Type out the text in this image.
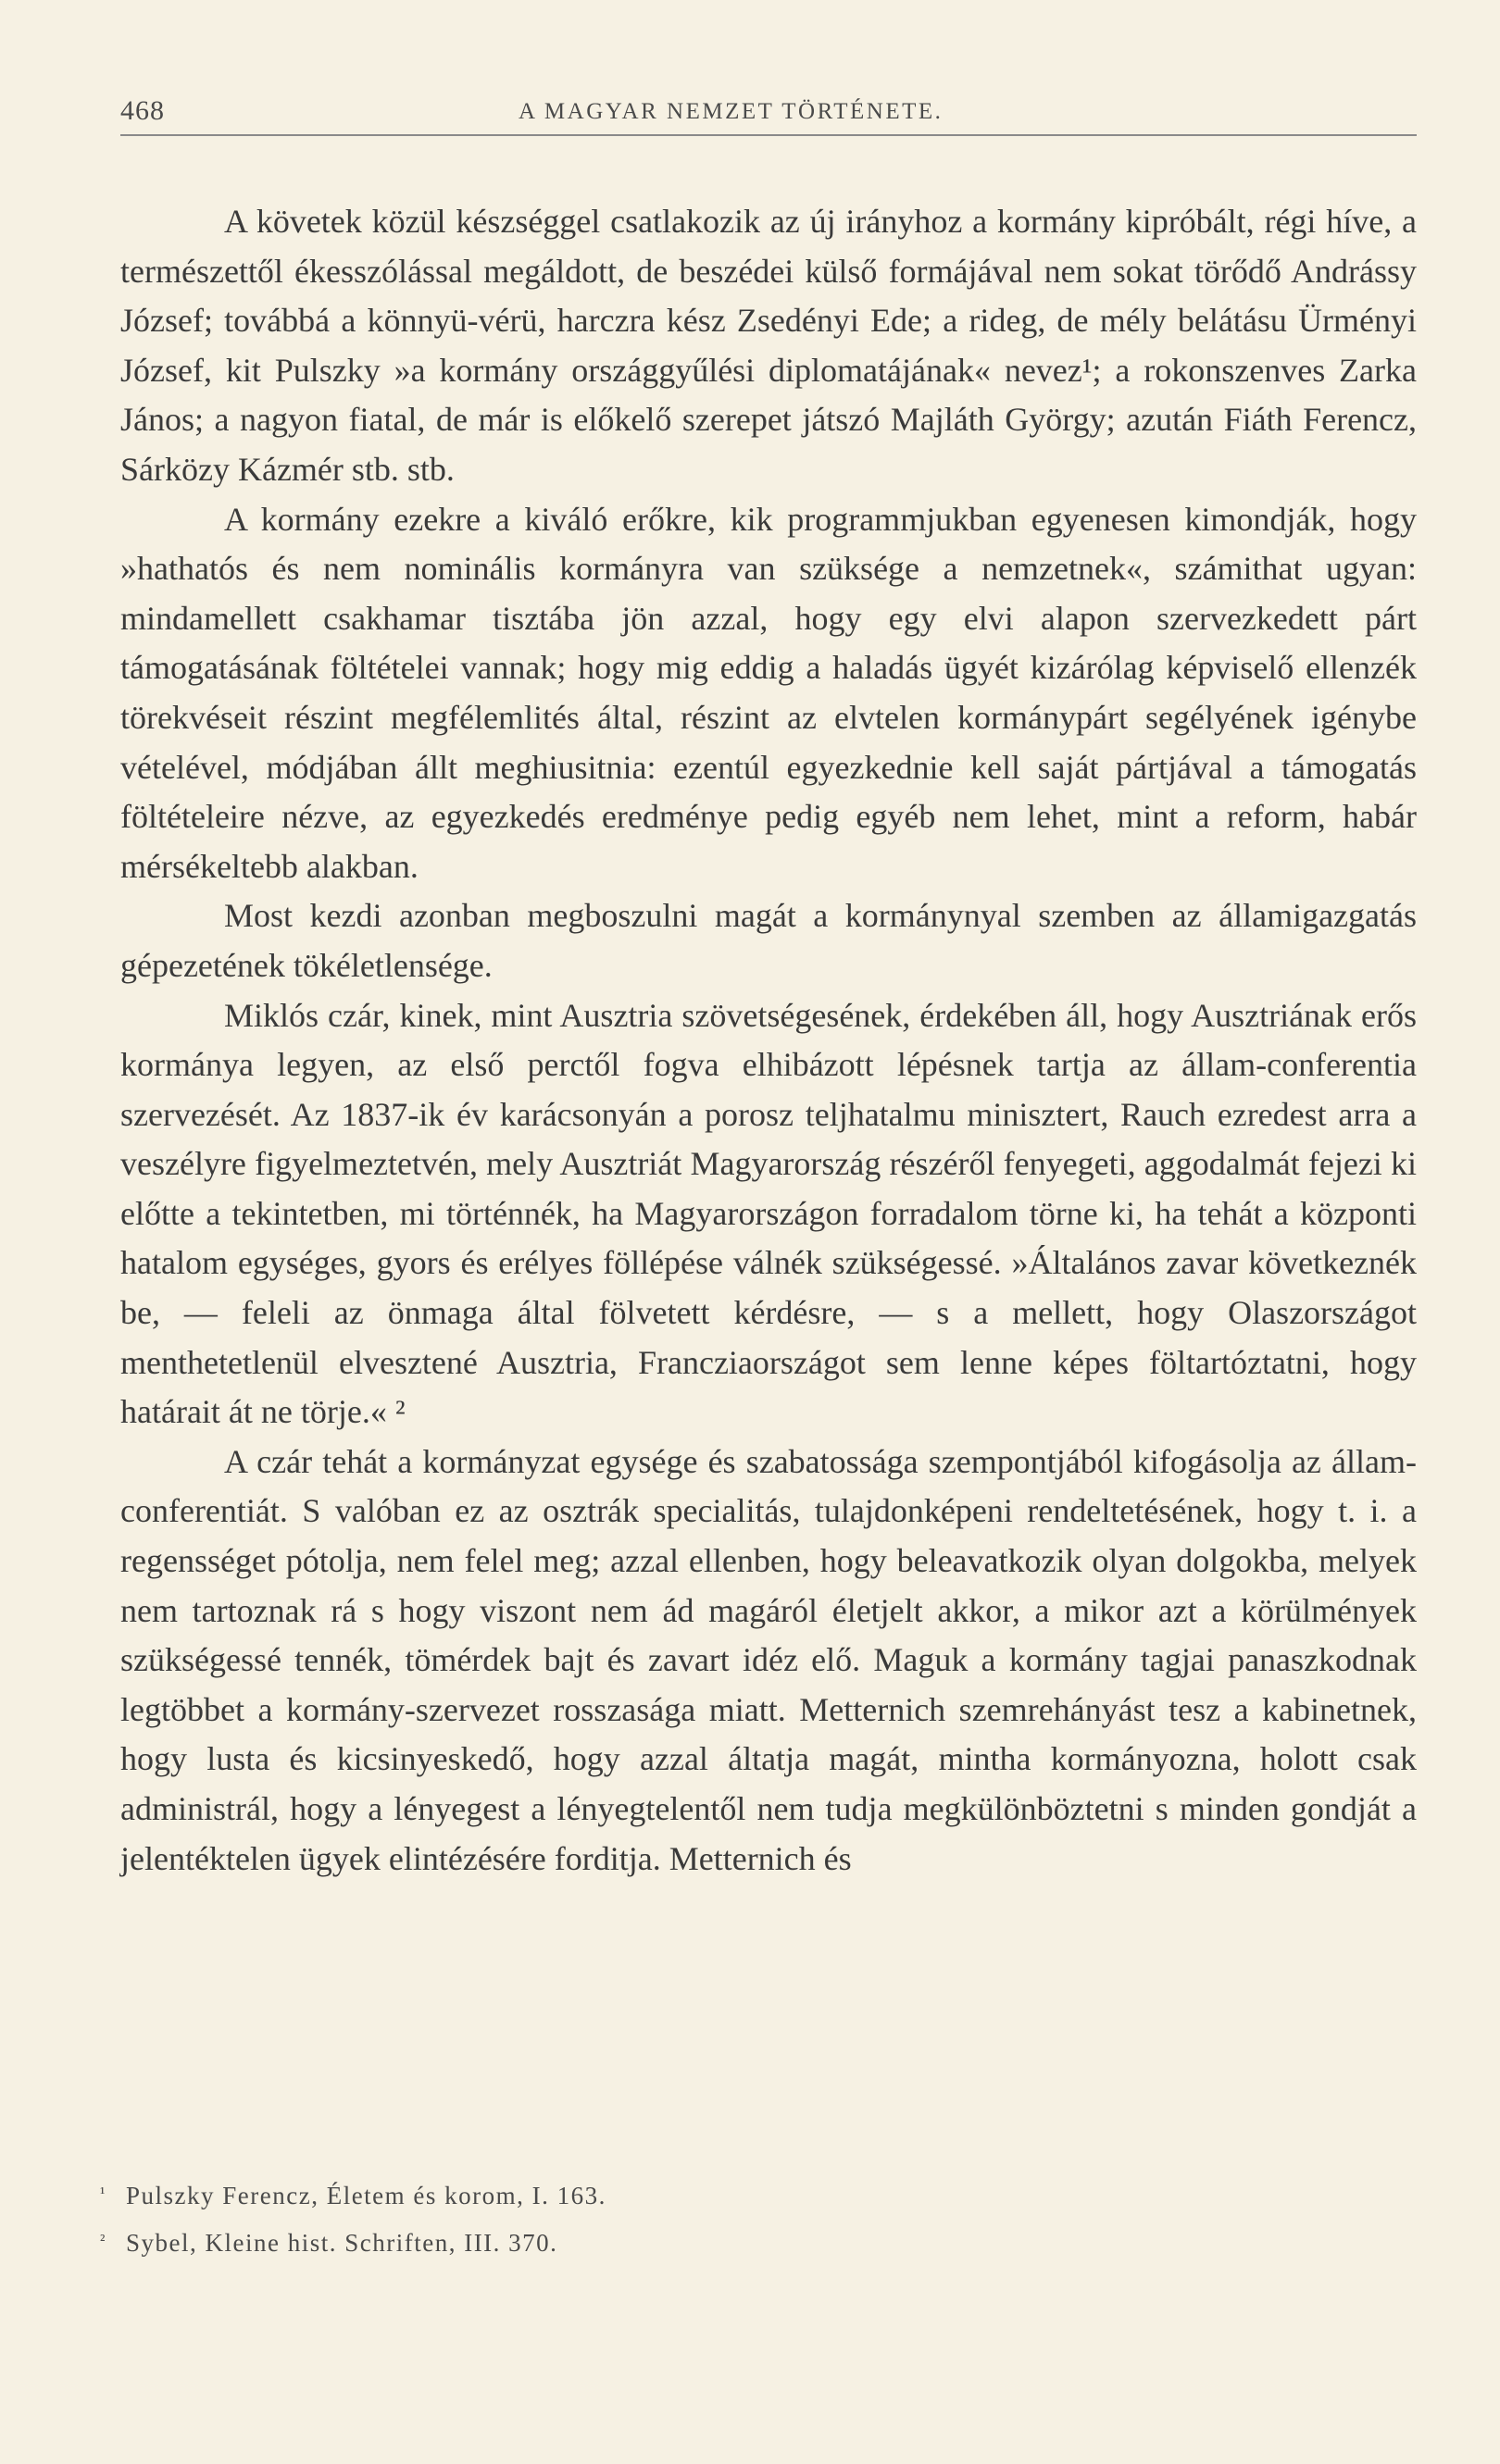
468	A MAGYAR NEMZET TÖRTÉNETE.

A követek közül készséggel csatlakozik az új irányhoz a kormány kipróbált, régi híve, a természettől ékesszólással megáldott, de beszédei külső formájával nem sokat törődő Andrássy József; továbbá a könnyü-vérü, harczra kész Zsedényi Ede; a rideg, de mély belátásu Ürményi József, kit Pulszky »a kormány országgyűlési diplomatájának« nevez¹; a rokonszenves Zarka János; a nagyon fiatal, de már is előkelő szerepet játszó Majláth György; azután Fiáth Ferencz, Sárközy Kázmér stb. stb.

A kormány ezekre a kiváló erőkre, kik programmjukban egyenesen kimondják, hogy »hathatós és nem nominális kormányra van szüksége a nemzetnek«, számithat ugyan: mindamellett csakhamar tisztába jön azzal, hogy egy elvi alapon szervezkedett párt támogatásának föltételei vannak; hogy mig eddig a haladás ügyét kizárólag képviselő ellenzék törekvéseit részint megfélemlités által, részint az elvtelen kormánypárt segélyének igénybe vételével, módjában állt meghiusitnia: ezentúl egyezkednie kell saját pártjával a támogatás föltételeire nézve, az egyezkedés eredménye pedig egyéb nem lehet, mint a reform, habár mérsékeltebb alakban.

Most kezdi azonban megboszulni magát a kormánynyal szemben az államigazgatás gépezetének tökéletlensége.

Miklós czár, kinek, mint Ausztria szövetségesének, érdekében áll, hogy Ausztriának erős kormánya legyen, az első perctől fogva elhibázott lépésnek tartja az állam-conferentia szervezését. Az 1837-ik év karácsonyán a porosz teljhatalmu minisztert, Rauch ezredest arra a veszélyre figyelmeztetvén, mely Ausztriát Magyarország részéről fenyegeti, aggodalmát fejezi ki előtte a tekintetben, mi történnék, ha Magyarországon forradalom törne ki, ha tehát a központi hatalom egységes, gyors és erélyes föllépése válnék szükségessé. »Általános zavar következnék be, — feleli az önmaga által fölvetett kérdésre, — s a mellett, hogy Olaszországot menthetetlenül elvesztené Ausztria, Francziaországot sem lenne képes föltartóztatni, hogy határait át ne törje.« ²

A czár tehát a kormányzat egysége és szabatossága szempontjából kifogásolja az állam-conferentiát. S valóban ez az osztrák specialitás, tulajdonképeni rendeltetésének, hogy t. i. a regensséget pótolja, nem felel meg; azzal ellenben, hogy beleavatkozik olyan dolgokba, melyek nem tartoznak rá s hogy viszont nem ád magáról életjelt akkor, a mikor azt a körülmények szükségessé tennék, tömérdek bajt és zavart idéz elő. Maguk a kormány tagjai panaszkodnak legtöbbet a kormány-szervezet rosszasága miatt. Metternich szemrehányást tesz a kabinetnek, hogy lusta és kicsinyeskedő, hogy azzal áltatja magát, mintha kormányozna, holott csak administrál, hogy a lényegest a lényegtelentől nem tudja megkülönböztetni s minden gondját a jelentéktelen ügyek elintézésére forditja. Metternich és

¹ Pulszky Ferencz, Életem és korom, I. 163.
² Sybel, Kleine hist. Schriften, III. 370.
